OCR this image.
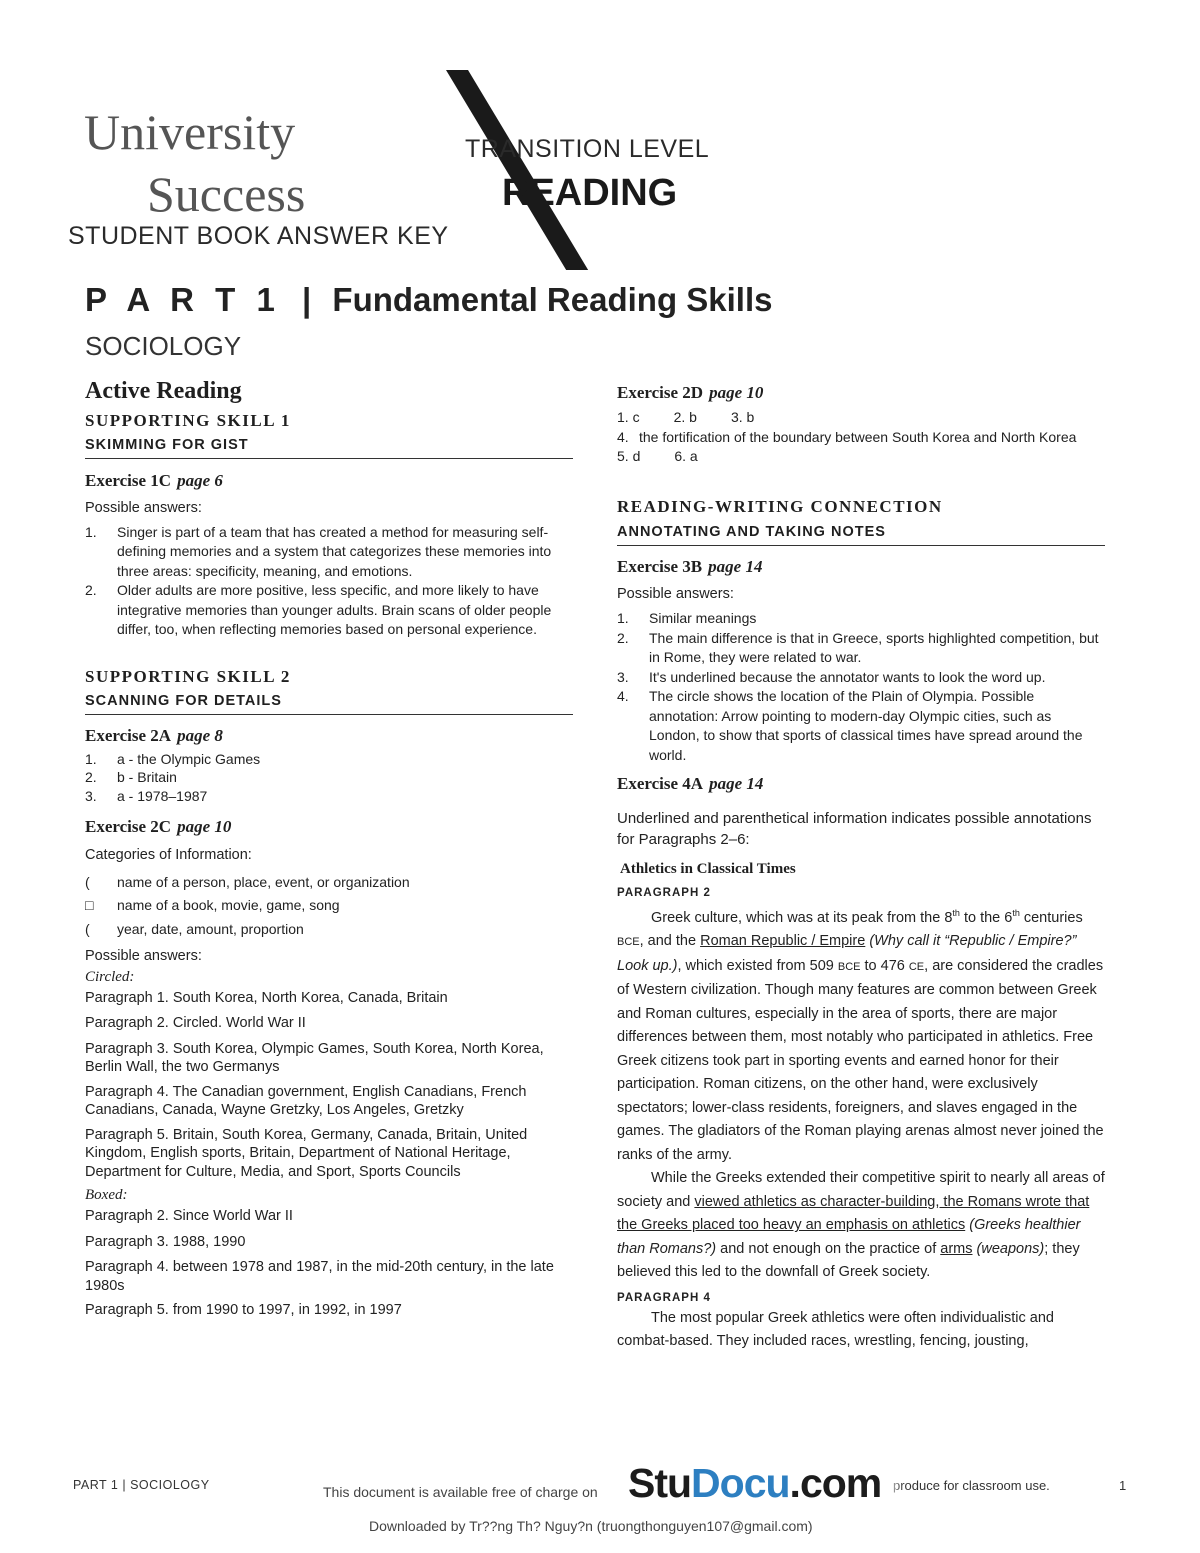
University
Success
STUDENT BOOK ANSWER KEY
TRANSITION LEVEL
READING
P A R T 1 | Fundamental Reading Skills
SOCIOLOGY
Active Reading
SUPPORTING SKILL 1
SKIMMING FOR GIST
Exercise 1C page 6

Possible answers:

1. Singer is part of a team that has created a method for measuring self-defining memories and a system that categorizes these memories into three areas: specificity, meaning, and emotions.
2. Older adults are more positive, less specific, and more likely to have integrative memories than younger adults. Brain scans of older people differ, too, when reflecting memories based on personal experience.
SUPPORTING SKILL 2
SCANNING FOR DETAILS
Exercise 2A page 8
1. a - the Olympic Games
2. b - Britain
3. a - 1978–1987
Exercise 2C page 10

Categories of Information:

( name of a person, place, event, or organization
□ name of a book, movie, game, song
( year, date, amount, proportion

Possible answers:

Circled:

Paragraph 1. South Korea, North Korea, Canada, Britain

Paragraph 2. Circled. World War II

Paragraph 3. South Korea, Olympic Games, South Korea, North Korea, Berlin Wall, the two Germanys

Paragraph 4. The Canadian government, English Canadians, French Canadians, Canada, Wayne Gretzky, Los Angeles, Gretzky

Paragraph 5. Britain, South Korea, Germany, Canada, Britain, United Kingdom, English sports, Britain, Department of National Heritage, Department for Culture, Media, and Sport, Sports Councils

Boxed:

Paragraph 2. Since World War II

Paragraph 3. 1988, 1990

Paragraph 4. between 1978 and 1987, in the mid-20th century, in the late 1980s

Paragraph 5. from 1990 to 1997, in 1992, in 1997

Exercise 2D page 10
1. c 2. b 3. b
4. the fortification of the boundary between South Korea and North Korea
5. d 6. a
READING-WRITING CONNECTION
ANNOTATING AND TAKING NOTES
Exercise 3B page 14

Possible answers:

1. Similar meanings
2. The main difference is that in Greece, sports highlighted competition, but in Rome, they were related to war.
3. It's underlined because the annotator wants to look the word up.
4. The circle shows the location of the Plain of Olympia. Possible annotation: Arrow pointing to modern-day Olympic cities, such as London, to show that sports of classical times have spread around the world.
Exercise 4A page 14

Underlined and parenthetical information indicates possible annotations for Paragraphs 2–6:

Athletics in Classical Times

PARAGRAPH 2

Greek culture, which was at its peak from the 8th to the 6th centuries BCE, and the Roman Republic / Empire (Why call it “Republic / Empire?” Look up.), which existed from 509 BCE to 476 CE, are considered the cradles of Western civilization. Though many features are common between Greek and Roman cultures, especially in the area of sports, there are major differences between them, most notably who participated in athletics. Free Greek citizens took part in sporting events and earned honor for their participation. Roman citizens, on the other hand, were exclusively spectators; lower-class residents, foreigners, and slaves engaged in the games. The gladiators of the Roman playing arenas almost never joined the ranks of the army.

While the Greeks extended their competitive spirit to nearly all areas of society and viewed athletics as character-building, the Romans wrote that the Greeks placed too heavy an emphasis on athletics (Greeks healthier than Romans?) and not enough on the practice of arms (weapons); they believed this led to the downfall of Greek society.

PARAGRAPH 4

The most popular Greek athletics were often individualistic and combat-based. They included races, wrestling, fencing, jousting,

PART 1 | SOCIOLOGY	produce for classroom use.	1
This document is available free of charge on StuDocu.com
Downloaded by Tr??ng Th? Nguy?n (truongthonguyen107@gmail.com)
